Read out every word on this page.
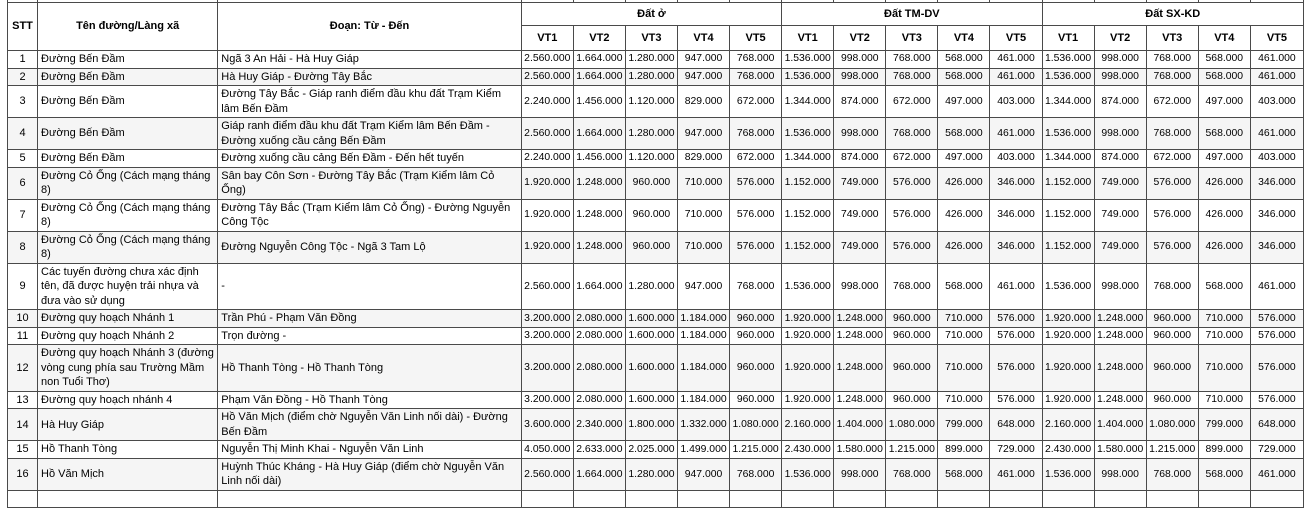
STT	Tên đường/Làng xã	Đoạn: Từ - Đến	Đất ở					Đất TM-DV					Đất SX-KD				
			VT1	VT2	VT3	VT4	VT5	VT1	VT2	VT3	VT4	VT5	VT1	VT2	VT3	VT4	VT5
1	Đường Bến Đầm	Ngã 3 An Hải - Hà Huy Giáp	2.560.000	1.664.000	1.280.000	947.000	768.000	1.536.000	998.000	768.000	568.000	461.000	1.536.000	998.000	768.000	568.000	461.000
2	Đường Bến Đầm	Hà Huy Giáp - Đường Tây Bắc	2.560.000	1.664.000	1.280.000	947.000	768.000	1.536.000	998.000	768.000	568.000	461.000	1.536.000	998.000	768.000	568.000	461.000
3	Đường Bến Đầm	Đường Tây Bắc - Giáp ranh điểm đầu khu đất Trạm Kiểm lâm Bến Đầm	2.240.000	1.456.000	1.120.000	829.000	672.000	1.344.000	874.000	672.000	497.000	403.000	1.344.000	874.000	672.000	497.000	403.000
4	Đường Bến Đầm	Giáp ranh điểm đầu khu đất Trạm Kiểm lâm Bến Đầm - Đường xuống cầu cảng Bến Đầm	2.560.000	1.664.000	1.280.000	947.000	768.000	1.536.000	998.000	768.000	568.000	461.000	1.536.000	998.000	768.000	568.000	461.000
5	Đường Bến Đầm	Đường xuống cầu cảng Bến Đầm - Đến hết tuyến	2.240.000	1.456.000	1.120.000	829.000	672.000	1.344.000	874.000	672.000	497.000	403.000	1.344.000	874.000	672.000	497.000	403.000
6	Đường Cỏ Ống (Cách mạng tháng 8)	Sân bay Côn Sơn - Đường Tây Bắc (Trạm Kiểm lâm Cỏ Ống)	1.920.000	1.248.000	960.000	710.000	576.000	1.152.000	749.000	576.000	426.000	346.000	1.152.000	749.000	576.000	426.000	346.000
7	Đường Cỏ Ống (Cách mạng tháng 8)	Đường Tây Bắc (Trạm Kiểm lâm Cỏ Ống) - Đường Nguyễn Công Tộc	1.920.000	1.248.000	960.000	710.000	576.000	1.152.000	749.000	576.000	426.000	346.000	1.152.000	749.000	576.000	426.000	346.000
8	Đường Cỏ Ống (Cách mạng tháng 8)	Đường Nguyễn Công Tộc - Ngã 3 Tam Lộ	1.920.000	1.248.000	960.000	710.000	576.000	1.152.000	749.000	576.000	426.000	346.000	1.152.000	749.000	576.000	426.000	346.000
9	Các tuyến đường chưa xác định tên, đã được huyện trải nhựa và đưa vào sử dụng	-	2.560.000	1.664.000	1.280.000	947.000	768.000	1.536.000	998.000	768.000	568.000	461.000	1.536.000	998.000	768.000	568.000	461.000
10	Đường quy hoạch Nhánh 1	Trần Phú - Phạm Văn Đồng	3.200.000	2.080.000	1.600.000	1.184.000	960.000	1.920.000	1.248.000	960.000	710.000	576.000	1.920.000	1.248.000	960.000	710.000	576.000
11	Đường quy hoạch Nhánh 2	Trọn đường -	3.200.000	2.080.000	1.600.000	1.184.000	960.000	1.920.000	1.248.000	960.000	710.000	576.000	1.920.000	1.248.000	960.000	710.000	576.000
12	Đường quy hoạch Nhánh 3 (đường vòng cung phía sau Trường Mầm non Tuổi Thơ)	Hồ Thanh Tòng - Hồ Thanh Tòng	3.200.000	2.080.000	1.600.000	1.184.000	960.000	1.920.000	1.248.000	960.000	710.000	576.000	1.920.000	1.248.000	960.000	710.000	576.000
13	Đường quy hoạch nhánh 4	Phạm Văn Đồng - Hồ Thanh Tòng	3.200.000	2.080.000	1.600.000	1.184.000	960.000	1.920.000	1.248.000	960.000	710.000	576.000	1.920.000	1.248.000	960.000	710.000	576.000
14	Hà Huy Giáp	Hồ Văn Mịch (điểm chờ Nguyễn Văn Linh nối dài) - Đường Bến Đầm	3.600.000	2.340.000	1.800.000	1.332.000	1.080.000	2.160.000	1.404.000	1.080.000	799.000	648.000	2.160.000	1.404.000	1.080.000	799.000	648.000
15	Hồ Thanh Tòng	Nguyễn Thị Minh Khai - Nguyễn Văn Linh	4.050.000	2.633.000	2.025.000	1.499.000	1.215.000	2.430.000	1.580.000	1.215.000	899.000	729.000	2.430.000	1.580.000	1.215.000	899.000	729.000
16	Hồ Văn Mịch	Huỳnh Thúc Kháng - Hà Huy Giáp (điểm chờ Nguyễn Văn Linh nối dài)	2.560.000	1.664.000	1.280.000	947.000	768.000	1.536.000	998.000	768.000	568.000	461.000	1.536.000	998.000	768.000	568.000	461.000
